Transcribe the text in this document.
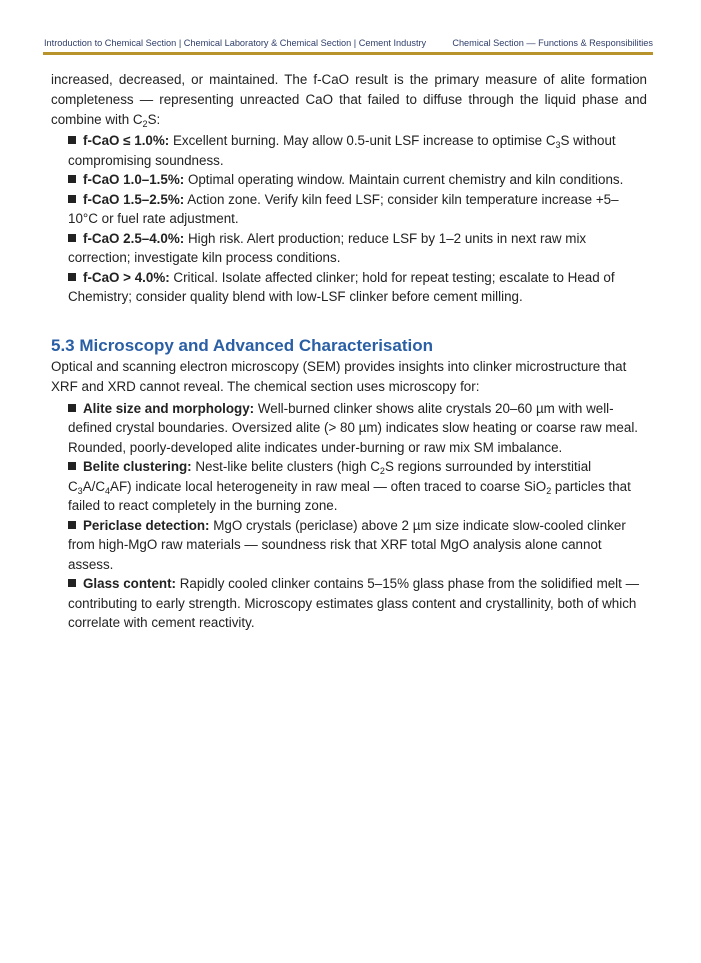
Introduction to Chemical Section | Chemical Laboratory & Chemical Section | Cement Industry	Chemical Section — Functions & Responsibilities

increased, decreased, or maintained. The f-CaO result is the primary measure of alite formation completeness — representing unreacted CaO that failed to diffuse through the liquid phase and combine with $C_2S$:

f-CaO ≤ 1.0%: Excellent burning. May allow 0.5-unit LSF increase to optimise $C_3S$ without compromising soundness.

f-CaO 1.0–1.5%: Optimal operating window. Maintain current chemistry and kiln conditions.

f-CaO 1.5–2.5%: Action zone. Verify kiln feed LSF; consider kiln temperature increase +5–10°C or fuel rate adjustment.

f-CaO 2.5–4.0%: High risk. Alert production; reduce LSF by 1–2 units in next raw mix correction; investigate kiln process conditions.

f-CaO > 4.0%: Critical. Isolate affected clinker; hold for repeat testing; escalate to Head of Chemistry; consider quality blend with low-LSF clinker before cement milling.

5.3 Microscopy and Advanced Characterisation

Optical and scanning electron microscopy (SEM) provides insights into clinker microstructure that XRF and XRD cannot reveal. The chemical section uses microscopy for:

Alite size and morphology: Well-burned clinker shows alite crystals 20–60 µm with well-defined crystal boundaries. Oversized alite (> 80 µm) indicates slow heating or coarse raw meal. Rounded, poorly-developed alite indicates under-burning or raw mix SM imbalance.

Belite clustering: Nest-like belite clusters (high $C_2S$ regions surrounded by interstitial $C_3A/C_4AF$) indicate local heterogeneity in raw meal — often traced to coarse SiO$_2$ particles that failed to react completely in the burning zone.

Periclase detection: MgO crystals (periclase) above 2 µm size indicate slow-cooled clinker from high-MgO raw materials — soundness risk that XRF total MgO analysis alone cannot assess.

Glass content: Rapidly cooled clinker contains 5–15% glass phase from the solidified melt — contributing to early strength. Microscopy estimates glass content and crystallinity, both of which correlate with cement reactivity.
